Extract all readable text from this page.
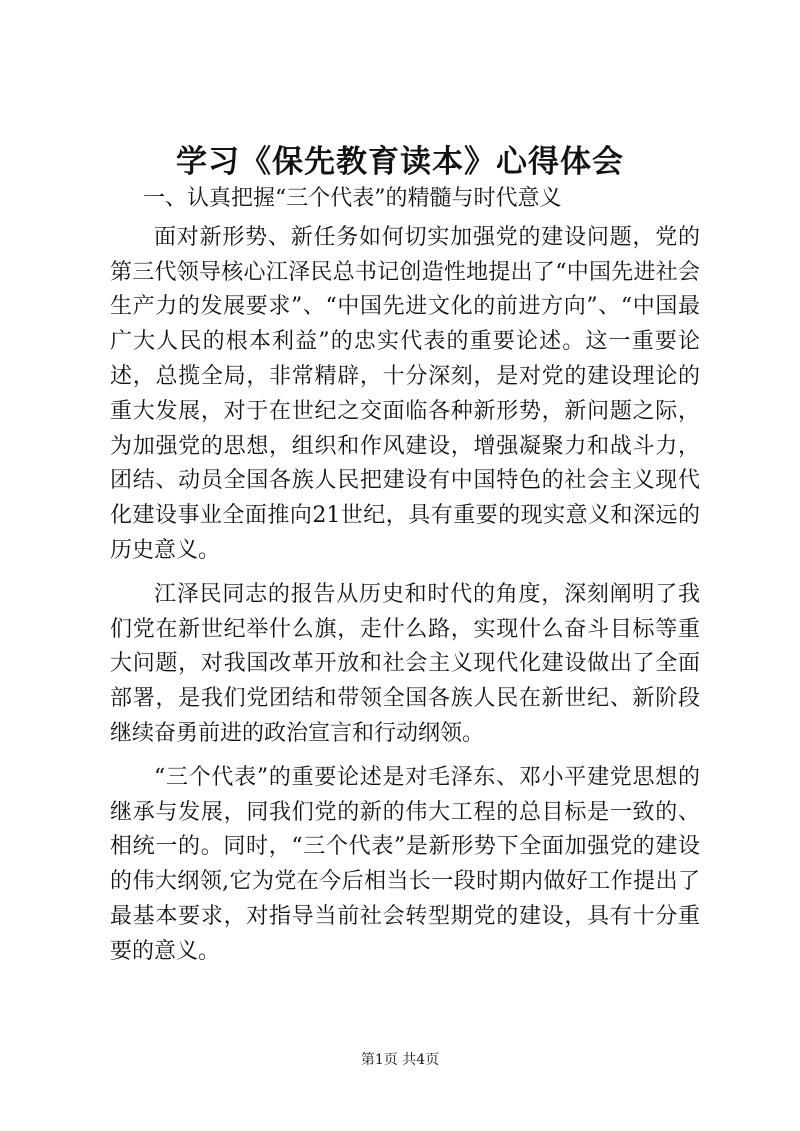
学习《保先教育读本》心得体会

一、认真把握“三个代表”的精髓与时代意义

面对新形势、新任务如何切实加强党的建设问题，党的第三代领导核心江泽民总书记创造性地提出了“中国先进社会生产力的发展要求”、“中国先进文化的前进方向”、“中国最广大人民的根本利益”的忠实代表的重要论述。这一重要论述，总揽全局，非常精辟，十分深刻，是对党的建设理论的重大发展，对于在世纪之交面临各种新形势，新问题之际，为加强党的思想，组织和作风建设，增强凝聚力和战斗力，团结、动员全国各族人民把建设有中国特色的社会主义现代化建设事业全面推向21世纪，具有重要的现实意义和深远的历史意义。

江泽民同志的报告从历史和时代的角度，深刻阐明了我们党在新世纪举什么旗，走什么路，实现什么奋斗目标等重大问题，对我国改革开放和社会主义现代化建设做出了全面部署，是我们党团结和带领全国各族人民在新世纪、新阶段继续奋勇前进的政治宣言和行动纲领。

“三个代表”的重要论述是对毛泽东、邓小平建党思想的继承与发展，同我们党的新的伟大工程的总目标是一致的、相统一的。同时，“三个代表”是新形势下全面加强党的建设的伟大纲领,它为党在今后相当长一段时期内做好工作提出了最基本要求，对指导当前社会转型期党的建设，具有十分重要的意义。

第1页 共4页
